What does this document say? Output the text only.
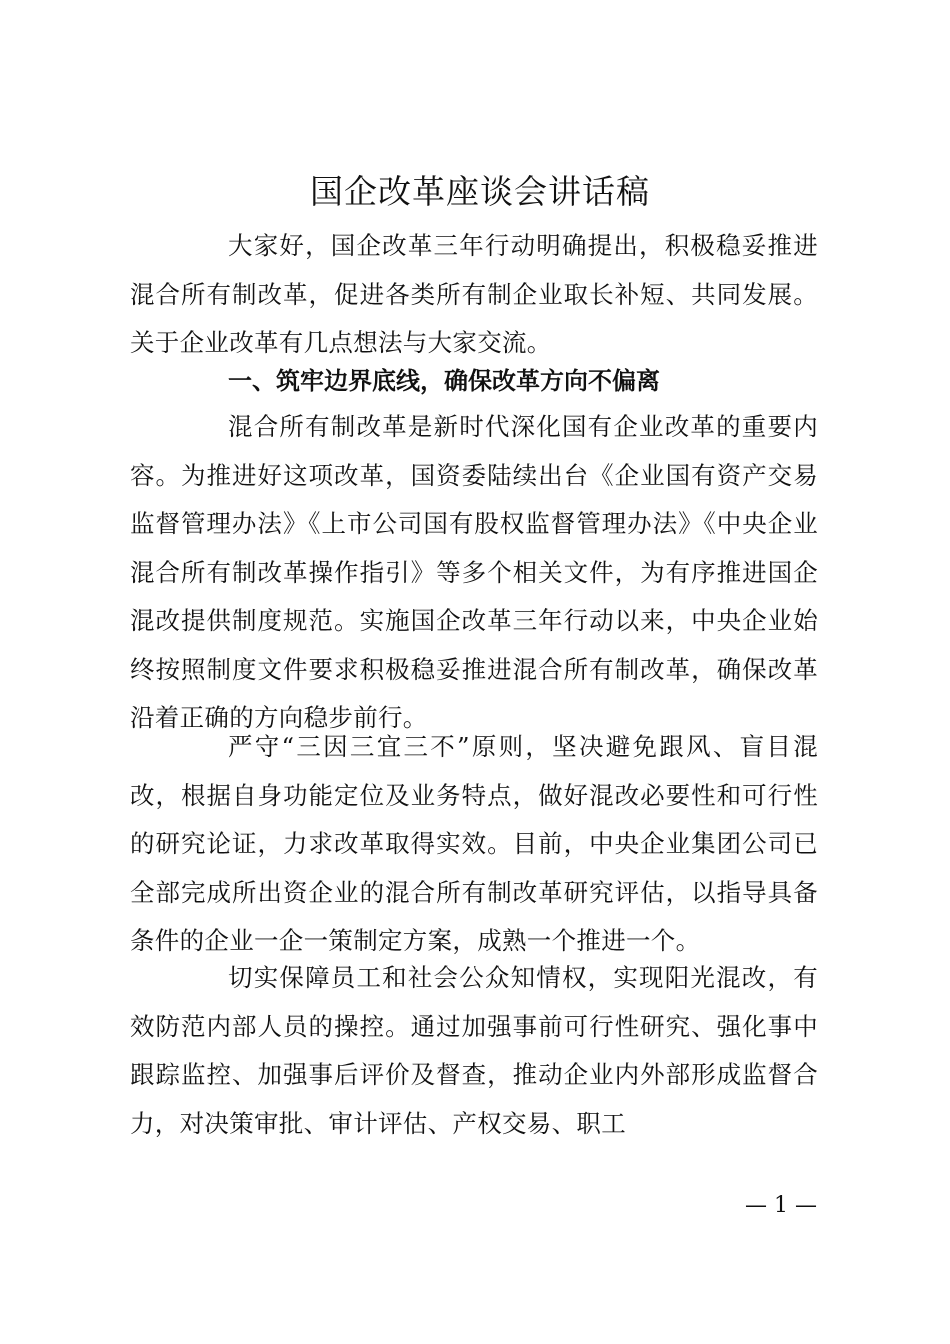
国企改革座谈会讲话稿
大家好，国企改革三年行动明确提出，积极稳妥推进混合所有制改革，促进各类所有制企业取长补短、共同发展。关于企业改革有几点想法与大家交流。
一、筑牢边界底线，确保改革方向不偏离
混合所有制改革是新时代深化国有企业改革的重要内容。为推进好这项改革，国资委陆续出台《企业国有资产交易监督管理办法》《上市公司国有股权监督管理办法》《中央企业混合所有制改革操作指引》等多个相关文件，为有序推进国企混改提供制度规范。实施国企改革三年行动以来，中央企业始终按照制度文件要求积极稳妥推进混合所有制改革，确保改革沿着正确的方向稳步前行。
严守“三因三宜三不”原则，坚决避免跟风、盲目混改，根据自身功能定位及业务特点，做好混改必要性和可行性的研究论证，力求改革取得实效。目前，中央企业集团公司已全部完成所出资企业的混合所有制改革研究评估，以指导具备条件的企业一企一策制定方案，成熟一个推进一个。
切实保障员工和社会公众知情权，实现阳光混改，有效防范内部人员的操控。通过加强事前可行性研究、强化事中跟踪监控、加强事后评价及督查，推动企业内外部形成监督合力，对决策审批、审计评估、产权交易、职工
— 1 —
